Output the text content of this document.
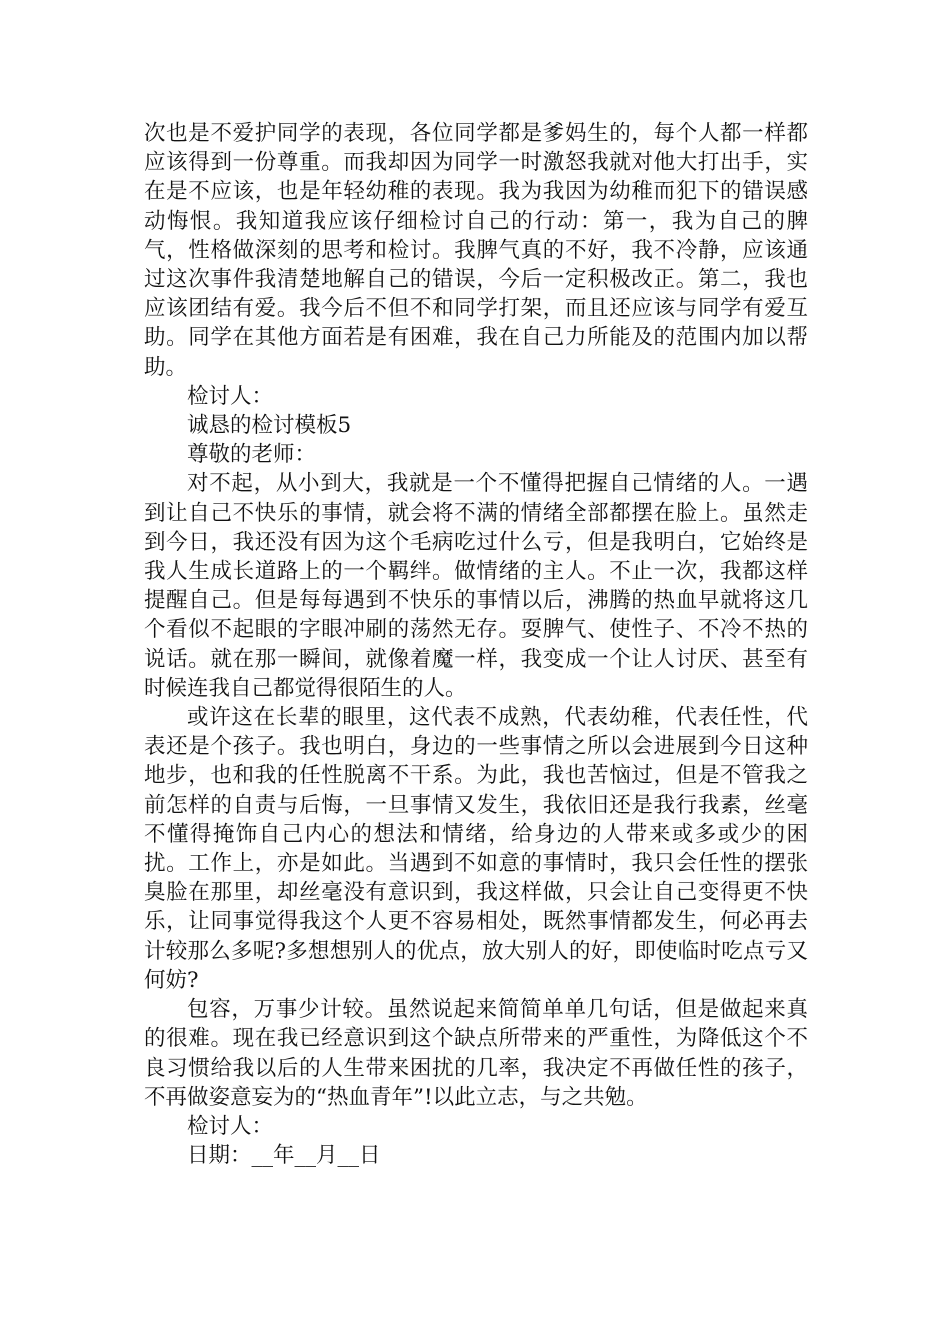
次也是不爱护同学的表现，各位同学都是爹妈生的，每个人都一样都应该得到一份尊重。而我却因为同学一时激怒我就对他大打出手，实在是不应该，也是年轻幼稚的表现。我为我因为幼稚而犯下的错误感动悔恨。我知道我应该仔细检讨自己的行动：第一，我为自己的脾气，性格做深刻的思考和检讨。我脾气真的不好，我不冷静，应该通过这次事件我清楚地解自己的错误，今后一定积极改正。第二，我也应该团结有爱。我今后不但不和同学打架，而且还应该与同学有爱互助。同学在其他方面若是有困难，我在自己力所能及的范围内加以帮助。

检讨人：

诚恳的检讨模板5

尊敬的老师：

对不起，从小到大，我就是一个不懂得把握自己情绪的人。一遇到让自己不快乐的事情，就会将不满的情绪全部都摆在脸上。虽然走到今日，我还没有因为这个毛病吃过什么亏，但是我明白，它始终是我人生成长道路上的一个羁绊。做情绪的主人。不止一次，我都这样提醒自己。但是每每遇到不快乐的事情以后，沸腾的热血早就将这几个看似不起眼的字眼冲刷的荡然无存。耍脾气、使性子、不冷不热的说话。就在那一瞬间，就像着魔一样，我变成一个让人讨厌、甚至有时候连我自己都觉得很陌生的人。

或许这在长辈的眼里，这代表不成熟，代表幼稚，代表任性，代表还是个孩子。我也明白，身边的一些事情之所以会进展到今日这种地步，也和我的任性脱离不干系。为此，我也苦恼过，但是不管我之前怎样的自责与后悔，一旦事情又发生，我依旧还是我行我素，丝毫不懂得掩饰自己内心的想法和情绪，给身边的人带来或多或少的困扰。工作上，亦是如此。当遇到不如意的事情时，我只会任性的摆张臭脸在那里，却丝毫没有意识到，我这样做，只会让自己变得更不快乐，让同事觉得我这个人更不容易相处，既然事情都发生，何必再去计较那么多呢?多想想别人的优点，放大别人的好，即使临时吃点亏又何妨?

包容，万事少计较。虽然说起来简简单单几句话，但是做起来真的很难。现在我已经意识到这个缺点所带来的严重性，为降低这个不良习惯给我以后的人生带来困扰的几率，我决定不再做任性的孩子，不再做姿意妄为的“热血青年”!以此立志，与之共勉。

检讨人：

日期：__年__月__日
